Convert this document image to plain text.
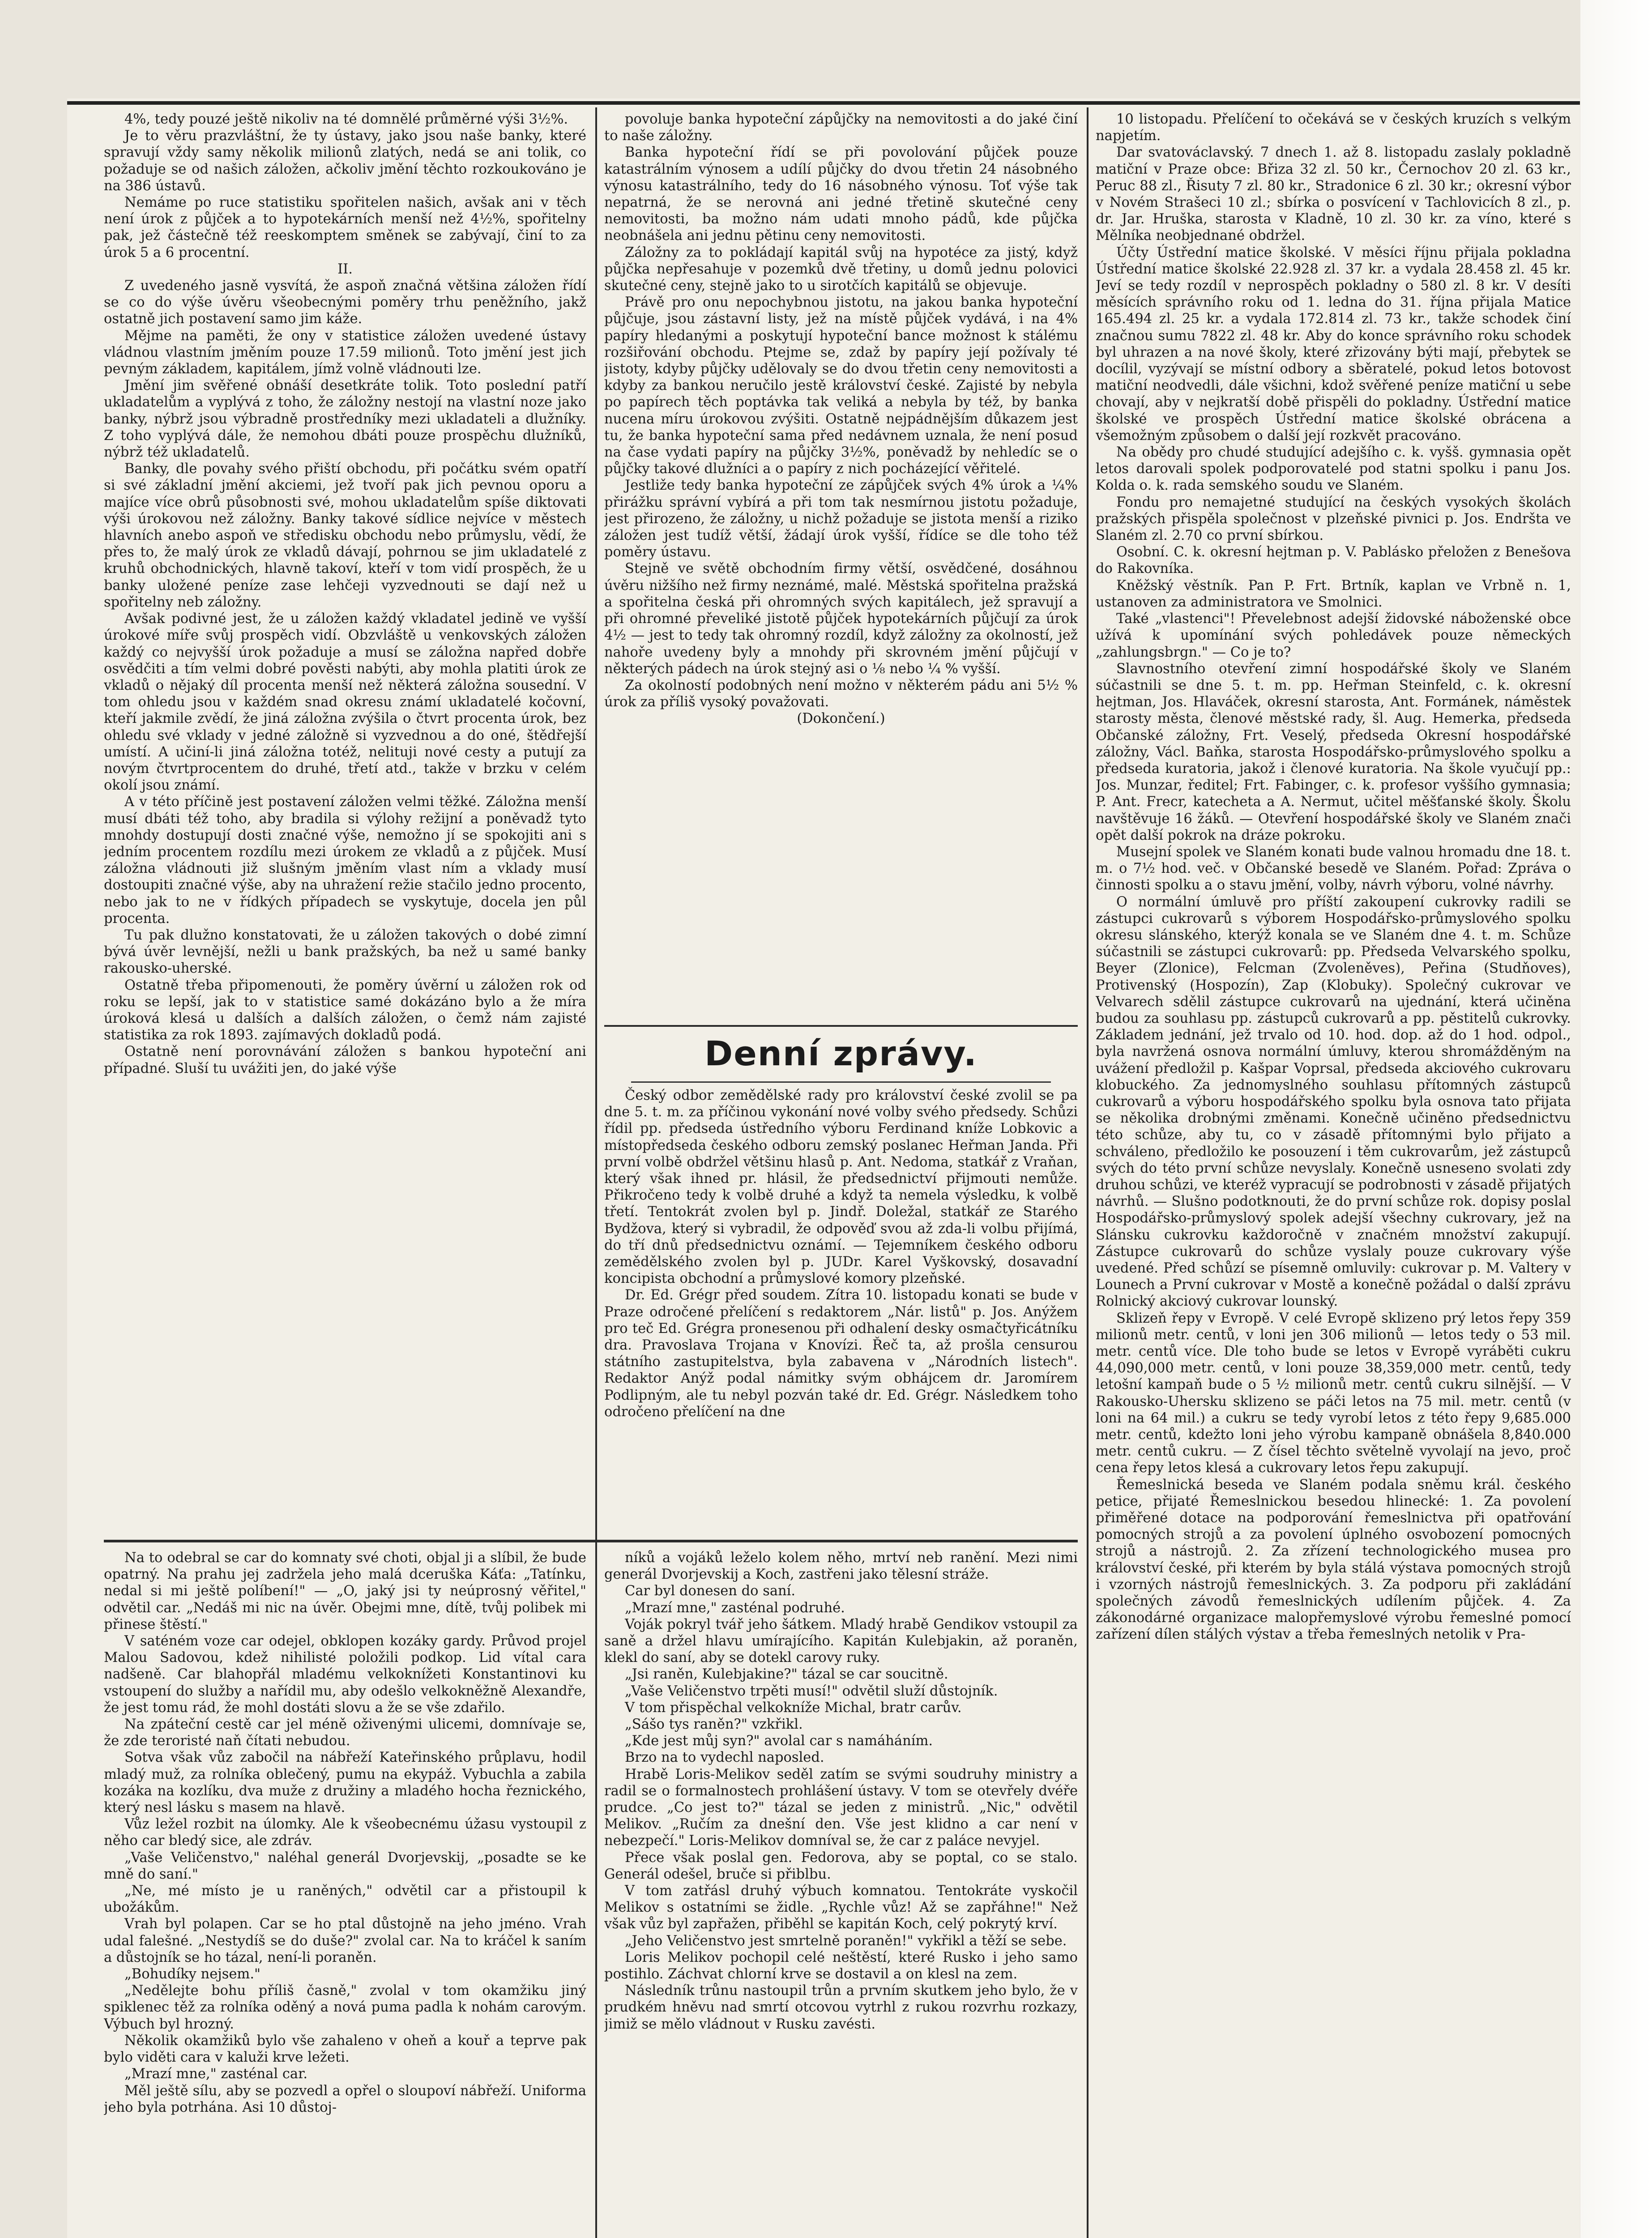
4%, tedy pouzé ještě nikoliv na té domnělé průměrné výši 3½%.

Je to věru prazvláštní, že ty ústavy, jako jsou naše banky, které spravují vždy samy několik milionů zlatých, nedá se ani tolik, co požaduje se od našich záložen, ačkoliv jmění těchto rozkoukováno je na 386 ústavů.

Nemáme po ruce statistiku spořitelen našich, avšak ani v těch není úrok z půjček a to hypotekárních menší než 4½%, spořitelny pak, jež částečně též reeskomptem směnek se zabývají, činí to za úrok 5 a 6 procentní.

II.

Z uvedeného jasně vysvítá, že aspoň značná většina záložen řídí se co do výše úvěru všeobecnými poměry trhu peněžního, jakž ostatně jich postavení samo jim káže.

Mějme na paměti, že ony v statistice záložen uvedené ústavy vládnou vlastním jměním pouze 17.59 milionů. Toto jmění jest jich pevným základem, kapitálem, jímž volně vládnouti lze.

Jmění jim svěřené obnáší desetkráte tolik. Toto poslední patří ukladatelům a vyplývá z toho, že záložny nestojí na vlastní noze jako banky, nýbrž jsou výbradně prostředníky mezi ukladateli a dlužníky. Z toho vyplývá dále, že nemohou dbáti pouze prospěchu dlužníků, nýbrž též ukladatelů.

Banky, dle povahy svého přiští obchodu, při počátku svém opatří si své základní jmění akciemi, jež tvoří pak jich pevnou oporu a majíce více obrů působnosti své, mohou ukladatelům spíše diktovati výši úrokovou než záložny. Banky takové sídlice nejvíce v městech hlavních anebo aspoň ve středisku obchodu nebo průmyslu, vědí, že přes to, že malý úrok ze vkladů dávají, pohrnou se jim ukladatelé z kruhů obchodnických, hlavně takoví, kteří v tom vidí prospěch, že u banky uložené peníze zase lehčeji vyzvednouti se dají než u spořitelny neb záložny.

Avšak podivné jest, že u záložen každý vkladatel jedině ve vyšší úrokové míře svůj prospěch vidí. Obzvláště u venkovských záložen každý co nejvyšší úrok požaduje a musí se záložna napřed dobře osvědčiti a tím velmi dobré pověsti nabýti, aby mohla platiti úrok ze vkladů o nějaký díl procenta menší než některá záložna sousední. V tom ohledu jsou v každém snad okresu známí ukladatelé kočovní, kteří jakmile zvědí, že jiná záložna zvýšila o čtvrt procenta úrok, bez ohledu své vklady v jedné záložně si vyzvednou a do oné, štědřejší umístí. A učiní-li jiná záložna totéž, nelituji nové cesty a putují za novým čtvrtprocentem do druhé, třetí atd., takže v brzku v celém okolí jsou známí.

A v této příčině jest postavení záložen velmi těžké. Záložna menší musí dbáti též toho, aby bradila si výlohy režijní a poněvadž tyto mnohdy dostupují dosti značné výše, nemožno jí se spokojiti ani s jedním procentem rozdílu mezi úrokem ze vkladů a z půjček. Musí záložna vládnouti již slušným jměním vlast ním a vklady musí dostoupiti značné výše, aby na uhražení režie stačilo jedno procento, nebo jak to ne v řídkých případech se vyskytuje, docela jen půl procenta.

Tu pak dlužno konstatovati, že u záložen takových o dobé zimní bývá úvěr levnější, nežli u bank pražských, ba než u samé banky rakousko-uherské.

Ostatně třeba připomenouti, že poměry úvěrní u záložen rok od roku se lepší, jak to v statistice samé dokázáno bylo a že míra úroková klesá u dalších a dalších záložen, o čemž nám zajisté statistika za rok 1893. zajímavých dokladů podá.

Ostatně není porovnávání záložen s bankou hypoteční ani případné. Sluší tu uvážiti jen, do jaké výše

povoluje banka hypoteční zápůjčky na nemovitosti a do jaké činí to naše záložny.

Banka hypoteční řídí se při povolování půjček pouze katastrálním výnosem a udílí půjčky do dvou třetin 24 násobného výnosu katastrálního, tedy do 16 násobného výnosu. Toť výše tak nepatrná, že se nerovná ani jedné třetině skutečné ceny nemovitosti, ba možno nám udati mnoho pádů, kde půjčka neobnášela ani jednu pětinu ceny nemovitosti.

Záložny za to pokládají kapitál svůj na hypotéce za jistý, když půjčka nepřesahuje v pozemků dvě třetiny, u domů jednu polovici skutečné ceny, stejně jako to u sirotčích kapitálů se objevuje.

Právě pro onu nepochybnou jistotu, na jakou banka hypoteční půjčuje, jsou zástavní listy, jež na místě půjček vydává, i na 4% papíry hledanými a poskytují hypoteční bance možnost k stálému rozšiřování obchodu. Ptejme se, zdaž by papíry její požívaly té jistoty, kdyby půjčky udělovaly se do dvou třetin ceny nemovitosti a kdyby za bankou neručilo jestě království české. Zajisté by nebyla po papírech těch poptávka tak veliká a nebyla by též, by banka nucena míru úrokovou zvýšiti. Ostatně nejpádnějším důkazem jest tu, že banka hypoteční sama před nedávnem uznala, že není posud na čase vydati papíry na půjčky 3½%, poněvadž by nehledíc se o půjčky takové dlužníci a o papíry z nich pocházející věřitelé.

Jestliže tedy banka hypoteční ze zápůjček svých 4% úrok a ¼% přirážku správní vybírá a při tom tak nesmírnou jistotu požaduje, jest přirozeno, že záložny, u nichž požaduje se jistota menší a riziko záložen jest tudíž větší, žádají úrok vyšší, řídíce se dle toho též poměry ústavu.

Stejně ve světě obchodním firmy větší, osvědčené, dosáhnou úvěru nižšího než firmy neznámé, malé. Městská spořitelna pražská a spořitelna česká při ohromných svých kapitálech, jež spravují a při ohromné převeliké jistotě půjček hypotekárních půjčují za úrok 4½ — jest to tedy tak ohromný rozdíl, když záložny za okolností, jež nahoře uvedeny byly a mnohdy při skrovném jmění půjčují v některých pádech na úrok stejný asi o ⅛ nebo ¼ % vyšší.

Za okolností podobných není možno v některém pádu ani 5½ % úrok za příliš vysoký považovati.

(Dokončení.)

Denní zprávy.

Český odbor zemědělské rady pro království české zvolil se pa dne 5. t. m. za příčinou vykonání nové volby svého předsedy. Schůzi řídil pp. předseda ústředního výboru Ferdinand kníže Lobkovic a místopředseda českého odboru zemský poslanec Heřman Janda. Při první volbě obdržel většinu hlasů p. Ant. Nedoma, statkář z Vraňan, který však ihned pr. hlásil, že předsednictví přijmouti nemůže. Přikročeno tedy k volbě druhé a když ta nemela výsledku, k volbě třetí. Tentokrát zvolen byl p. Jindř. Doležal, statkář ze Starého Bydžova, který si vybradil, že odpověď svou až zda-li volbu přijímá, do tří dnů předsednictvu oznámí. — Tejemníkem českého odboru zemědělského zvolen byl p. JUDr. Karel Vyškovský, dosavadní koncipista obchodní a průmyslové komory plzeňské.

Dr. Ed. Grégr před soudem. Zítra 10. listopadu konati se bude v Praze odročené přelíčení s redaktorem „Nár. listů" p. Jos. Anýžem pro teč Ed. Grégra pronesenou při odhalení desky osmačtyřicátníku dra. Pravoslava Trojana v Knovízi. Řeč ta, až prošla censurou státního zastupitelstva, byla zabavena v „Národních listech". Redaktor Anýž podal námitky svým obhájcem dr. Jaromírem Podlipným, ale tu nebyl pozván také dr. Ed. Grégr. Následkem toho odročeno přelíčení na dne

10 listopadu. Přelíčení to očekává se v českých kruzích s velkým napjetím.

Dar svatováclavský. 7 dnech 1. až 8. listopadu zaslaly pokladně matiční v Praze obce: Břiza 32 zl. 50 kr., Černochov 20 zl. 63 kr., Peruc 88 zl., Řisuty 7 zl. 80 kr., Stradonice 6 zl. 30 kr.; okresní výbor v Novém Strašeci 10 zl.; sbírka o posvícení v Tachlovicích 8 zl., p. dr. Jar. Hruška, starosta v Kladně, 10 zl. 30 kr. za víno, které s Mělníka neobjednané obdržel.

Účty Ústřední matice školské. V měsíci říjnu přijala pokladna Ústřední matice školské 22.928 zl. 37 kr. a vydala 28.458 zl. 45 kr. Jeví se tedy rozdíl v neprospěch pokladny o 580 zl. 8 kr. V desíti měsících správního roku od 1. ledna do 31. října přijala Matice 165.494 zl. 25 kr. a vydala 172.814 zl. 73 kr., takže schodek činí značnou sumu 7822 zl. 48 kr. Aby do konce správního roku schodek byl uhrazen a na nové školy, které zřizovány býti mají, přebytek se docílil, vyzývají se místní odbory a sběratelé, pokud letos botovost matiční neodvedli, dále všichni, kdož svěřené peníze matiční u sebe chovají, aby v nejkratší době přispěli do pokladny. Ústřední matice školské ve prospěch Ústřední matice školské obrácena a všemožným způsobem o další její rozkvět pracováno.

Na obědy pro chudé studující adejšího c. k. vyšš. gymnasia opět letos darovali spolek podporovatelé pod statni spolku i panu Jos. Kolda o. k. rada semského soudu ve Slaném.

Fondu pro nemajetné studující na českých vysokých školách pražských přispěla společnost v plzeňské pivnici p. Jos. Endršta ve Slaném zl. 2.70 co první sbírkou.

Osobní. C. k. okresní hejtman p. V. Pablásko přeložen z Benešova do Rakovníka.

Kněžský věstník. Pan P. Frt. Brtník, kaplan ve Vrbně n. 1, ustanoven za administratora ve Smolnici.

Také „vlastenci"! Převelebnost adejší židovské náboženské obce užívá k upomínání svých pohledávek pouze německých „zahlungsbrgn." — Co je to?

Slavnostního otevření zimní hospodářské školy ve Slaném súčastnili se dne 5. t. m. pp. Heřman Steinfeld, c. k. okresní hejtman, Jos. Hlaváček, okresní starosta, Ant. Formánek, náměstek starosty města, členové městské rady, šl. Aug. Hemerka, předseda Občanské záložny, Frt. Veselý, předseda Okresní hospodářské záložny, Václ. Baňka, starosta Hospodářsko-průmyslového spolku a předseda kuratoria, jakož i členové kuratoria. Na škole vyučují pp.: Jos. Munzar, ředitel; Frt. Fabinger, c. k. profesor vyššího gymnasia; P. Ant. Frecr, katecheta a A. Nermut, učitel měšťanské školy. Školu navštěvuje 16 žáků. — Otevření hospodářské školy ve Slaném znači opět další pokrok na dráze pokroku.

Musejní spolek ve Slaném konati bude valnou hromadu dne 18. t. m. o 7½ hod. več. v Občanské besedě ve Slaném. Pořad: Zpráva o činnosti spolku a o stavu jmění, volby, návrh výboru, volné návrhy.

O normální úmluvě pro příští zakoupení cukrovky radili se zástupci cukrovarů s výborem Hospodářsko-průmyslového spolku okresu slánského, kterýž konala se ve Slaném dne 4. t. m. Schůze súčastnili se zástupci cukrovarů: pp. Předseda Velvarského spolku, Beyer (Zlonice), Felcman (Zvoleněves), Peřina (Studňoves), Protivenský (Hospozín), Zap (Klobuky). Společný cukrovar ve Velvarech sdělil zástupce cukrovarů na ujednání, která učiněna budou za souhlasu pp. zástupců cukrovarů a pp. pěstitelů cukrovky. Základem jednání, jež trvalo od 10. hod. dop. až do 1 hod. odpol., byla navržená osnova normální úmluvy, kterou shromážděným na uvážení předložil p. Kašpar Voprsal, předseda akciového cukrovaru klobuckého. Za jednomyslného souhlasu přítomných zástupců cukrovarů a výboru hospodářského spolku byla osnova tato přijata se několika drobnými změnami. Konečně učiněno předsednictvu této schůze, aby tu, co v zásadě přítomnými bylo přijato a schváleno, předložilo ke posouzení i těm cukrovarům, jež zástupců svých do této první schůze nevyslaly. Konečně usneseno svolati zdy druhou schůzi, ve kteréž vypracují se podrobnosti v zásadě přijatých návrhů. — Slušno podotknouti, že do první schůze rok. dopisy poslal Hospodářsko-průmyslový spolek adejší všechny cukrovary, jež na Slánsku cukrovku každoročně v značném množství zakupují. Zástupce cukrovarů do schůze vyslaly pouze cukrovary výše uvedené. Před schůzí se písemně omluvily: cukrovar p. M. Valtery v Lounech a První cukrovar v Mostě a konečně požádal o další zprávu Rolnický akciový cukrovar lounský.

Sklizeň řepy v Evropě. V celé Evropě sklizeno prý letos řepy 359 milionů metr. centů, v loni jen 306 milionů — letos tedy o 53 mil. metr. centů více. Dle toho bude se letos v Evropě vyráběti cukru 44,090,000 metr. centů, v loni pouze 38,359,000 metr. centů, tedy letošní kampaň bude o 5 ½ milionů metr. centů cukru silnější. — V Rakousko-Uhersku sklizeno se páči letos na 75 mil. metr. centů (v loni na 64 mil.) a cukru se tedy vyrobí letos z této řepy 9,685.000 metr. centů, kdežto loni jeho výrobu kampaně obnášela 8,840.000 metr. centů cukru. — Z čísel těchto světelně vyvolají na jevo, proč cena řepy letos klesá a cukrovary letos řepu zakupují.

Řemeslnická beseda ve Slaném podala sněmu král. českého petice, přijaté Řemeslnickou besedou hlinecké: 1. Za povolení přiměřené dotace na podporování řemeslnictva při opatřování pomocných strojů a za povolení úplného osvobození pomocných strojů a nástrojů. 2. Za zřízení technologického musea pro království české, při kterém by byla stálá výstava pomocných strojů i vzorných nástrojů řemeslnických. 3. Za podporu při zakládání společných závodů řemeslnických udílením půjček. 4. Za zákonodárné organizace malopřemyslové výrobu řemeslné pomocí zařízení dílen stálých výstav a třeba řemeslných netolik v Pra-

Na to odebral se car do komnaty své choti, objal ji a slíbil, že bude opatrný. Na prahu jej zadržela jeho malá dceruška Káťa: „Tatínku, nedal si mi ještě políbení!" — „O, jaký jsi ty neúprosný věřitel," odvětil car. „Nedáš mi nic na úvěr. Obejmi mne, dítě, tvůj polibek mi přinese štěstí."

V saténém voze car odejel, obklopen kozáky gardy. Průvod projel Malou Sadovou, kdež nihilisté položili podkop. Lid vítal cara nadšeně. Car blahopřál mladému velkoknížeti Konstantinovi ku vstoupení do služby a nařídil mu, aby odešlo velkokněžně Alexandře, že jest tomu rád, že mohl dostáti slovu a že se vše zdařilo.

Na zpáteční cestě car jel méně oživenými ulicemi, domnívaje se, že zde teroristé naň čítati nebudou.

Sotva však vůz zabočil na nábřeží Kateřinského průplavu, hodil mladý muž, za rolníka oblečený, pumu na ekypáž. Vybuchla a zabila kozáka na kozlíku, dva muže z družiny a mladého hocha řeznického, který nesl lásku s masem na hlavě.

Vůz ležel rozbit na úlomky. Ale k všeobecnému úžasu vystoupil z něho car bledý sice, ale zdráv.

„Vaše Veličenstvo," naléhal generál Dvorjevskij, „posadte se ke mně do saní."

„Ne, mé místo je u raněných," odvětil car a přistoupil k ubožákům.

Vrah byl polapen. Car se ho ptal důstojně na jeho jméno. Vrah udal falešné. „Nestydíš se do duše?" zvolal car. Na to kráčel k saním a důstojník se ho tázal, není-li poraněn.

„Bohudíky nejsem."

„Nedělejte bohu příliš časně," zvolal v tom okamžiku jiný spiklenec těž za rolníka oděný a nová puma padla k nohám carovým. Výbuch byl hrozný.

Několik okamžiků bylo vše zahaleno v oheň a kouř a teprve pak bylo viděti cara v kaluži krve ležeti.

„Mrazí mne," zasténal car.

Měl ještě sílu, aby se pozvedl a opřel o sloupoví nábřeží. Uniforma jeho byla potrhána. Asi 10 důstoj-

níků a vojáků leželo kolem něho, mrtví neb ranění. Mezi nimi generál Dvorjevskij a Koch, zastřeni jako tělesní stráže.

Car byl donesen do saní.

„Mrazí mne," zasténal podruhé.

Voják pokryl tvář jeho šátkem. Mladý hrabě Gendikov vstoupil za saně a držel hlavu umírajícího. Kapitán Kulebjakin, až poraněn, klekl do saní, aby se dotekl carovy ruky.

„Jsi raněn, Kulebjakine?" tázal se car soucitně.

„Vaše Veličenstvo trpěti musí!" odvětil služí důstojník.

V tom přispěchal velkokníže Michal, bratr carův.

„Sášo tys raněn?" vzkřikl.

„Kde jest můj syn?" avolal car s namáháním.

Brzo na to vydechl naposled.

Hrabě Loris-Melikov seděl zatím se svými soudruhy ministry a radil se o formalnostech prohlášení ústavy. V tom se otevřely dvéře prudce. „Co jest to?" tázal se jeden z ministrů. „Nic," odvětil Melikov. „Ručím za dnešní den. Vše jest klidno a car není v nebezpečí." Loris-Melikov domníval se, že car z paláce nevyjel.

Přece však poslal gen. Fedorova, aby se poptal, co se stalo. Generál odešel, bruče si přiblbu.

V tom zatřásl druhý výbuch komnatou. Tentokráte vyskočil Melikov s ostatními se židle. „Rychle vůz! Až se zapřáhne!" Než však vůz byl zapřažen, přiběhl se kapitán Koch, celý pokrytý krví.

„Jeho Veličenstvo jest smrtelně poraněn!" vykřikl a těží se sebe.

Loris Melikov pochopil celé neštěstí, které Rusko i jeho samo postihlo. Záchvat chlorní krve se dostavil a on klesl na zem.

Následník trůnu nastoupil trůn a prvním skutkem jeho bylo, že v prudkém hněvu nad smrtí otcovou vytrhl z rukou rozvrhu rozkazy, jimiž se mělo vládnout v Rusku zavésti.
